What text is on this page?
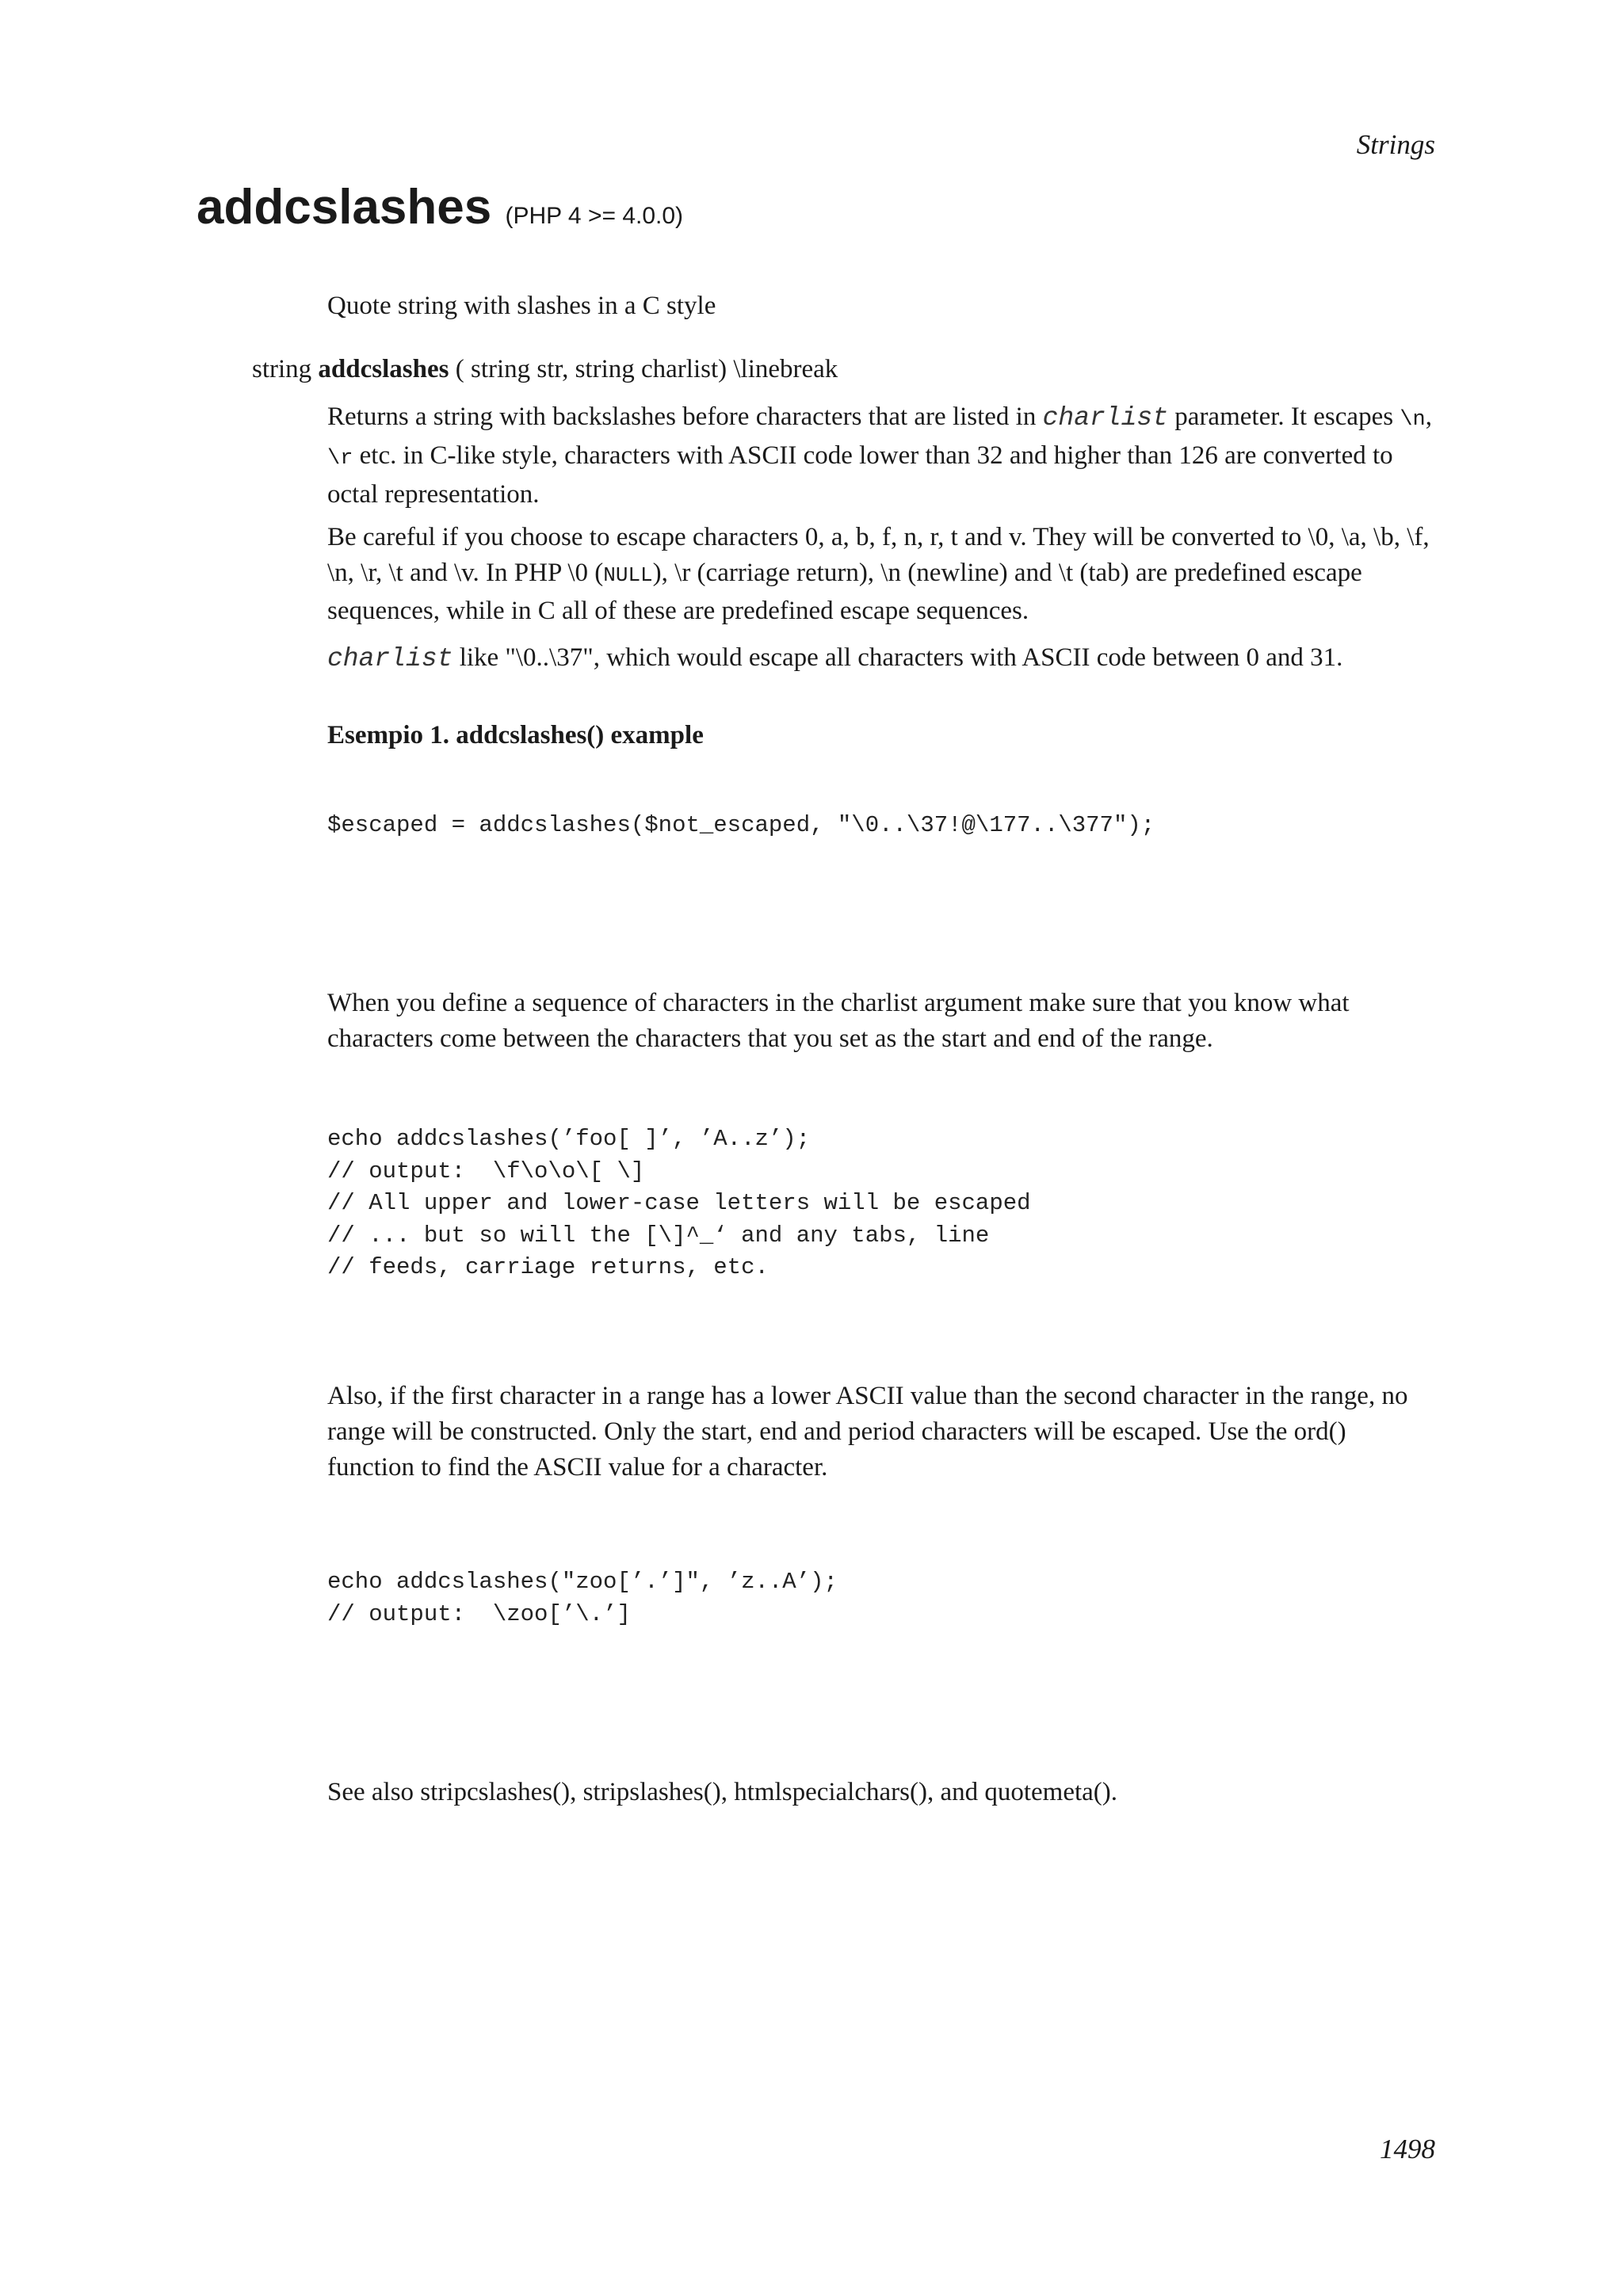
Strings
addcslashes (PHP 4 >= 4.0.0)

Quote string with slashes in a C style

string addcslashes ( string str, string charlist) \linebreak

Returns a string with backslashes before characters that are listed in charlist parameter. It escapes \n, \r etc. in C-like style, characters with ASCII code lower than 32 and higher than 126 are converted to octal representation.

Be careful if you choose to escape characters 0, a, b, f, n, r, t and v. They will be converted to \0, \a, \b, \f, \n, \r, \t and \v. In PHP \0 (NULL), \r (carriage return), \n (newline) and \t (tab) are predefined escape sequences, while in C all of these are predefined escape sequences.

charlist like "\0..\37", which would escape all characters with ASCII code between 0 and 31.

Esempio 1. addcslashes() example

$escaped = addcslashes($not_escaped, "\0..\37!@\177..\377");

When you define a sequence of characters in the charlist argument make sure that you know what characters come between the characters that you set as the start and end of the range.

echo addcslashes(’foo[ ]’, ’A..z’);
// output:  \f\o\o\[ \]
// All upper and lower-case letters will be escaped
// ... but so will the [\]^_‘ and any tabs, line
// feeds, carriage returns, etc.

Also, if the first character in a range has a lower ASCII value than the second character in the range, no range will be constructed. Only the start, end and period characters will be escaped. Use the ord() function to find the ASCII value for a character.

echo addcslashes("zoo[’.’]", ’z..A’);
// output:  \zoo[’\.’]

See also stripcslashes(), stripslashes(), htmlspecialchars(), and quotemeta().

1498
